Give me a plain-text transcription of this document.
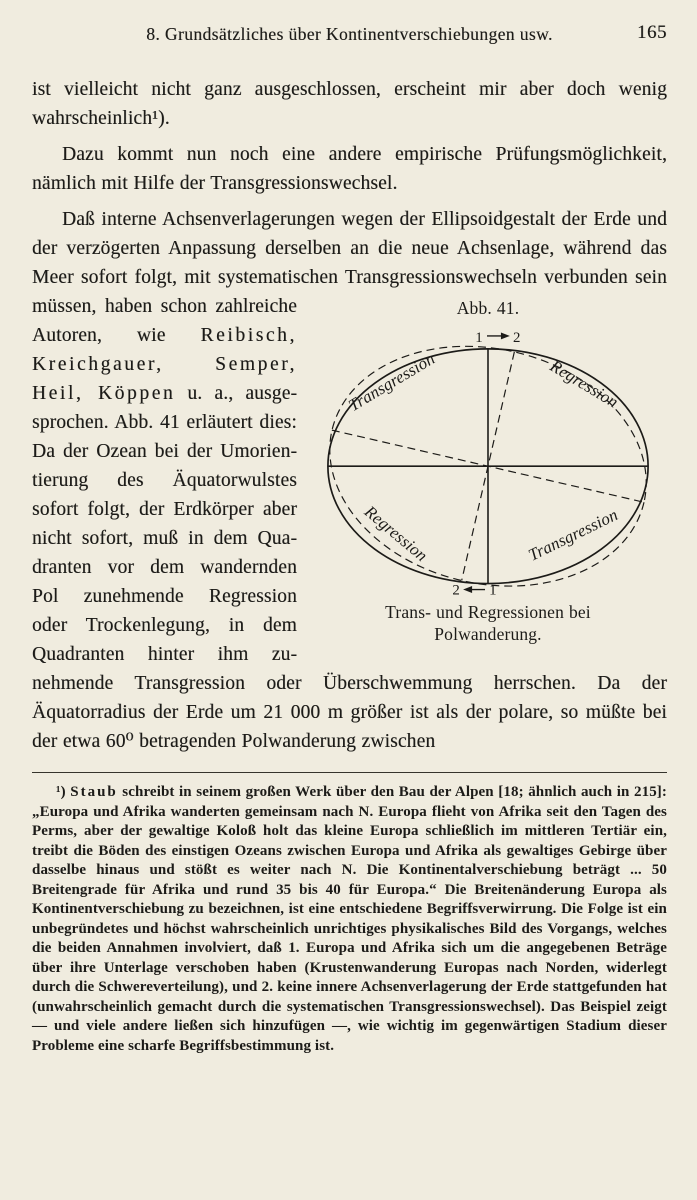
8. Grundsätzliches über Kontinentverschiebungen usw.	165

ist vielleicht nicht ganz ausgeschlossen, erscheint mir aber doch wenig wahrscheinlich¹).

Dazu kommt nun noch eine andere empirische Prüfungsmöglichkeit, nämlich mit Hilfe der Transgressionswechsel.

Daß interne Achsenverlagerungen wegen der Ellipsoidgestalt der Erde und der verzögerten Anpassung derselben an die neue Achsenlage, während das Meer sofort folgt, mit systematischen Transgressionswechseln verbunden sein müssen, haben schon	Abb. 41.
1 2
2 1
Transgression	Regression
Regression	Transgression
Trans- und Regressionen bei
Polwanderung.
zahlreiche Autoren, wie Reibisch, Kreichgauer, Semper, Heil, Köppen u. a., ausgesprochen. Abb. 41 erläutert dies: Da der Ozean bei der Umorientierung des Äquatorwulstes sofort folgt, der Erdkörper aber nicht sofort, muß in dem Quadranten vor dem wandernden Pol zunehmende Regression oder Trockenlegung, in dem Quadranten hinter ihm zunehmende Transgression oder Überschwemmung herrschen. Da der Äquatorradius der Erde um 21 000 m größer ist als der polare, so müßte bei der etwa 60⁰ betragenden Polwanderung zwischen

¹) Staub schreibt in seinem großen Werk über den Bau der Alpen [18; ähnlich auch in 215]: „Europa und Afrika wanderten gemeinsam nach N. Europa flieht von Afrika seit den Tagen des Perms, aber der gewaltige Koloß holt das kleine Europa schließlich im mittleren Tertiär ein, treibt die Böden des einstigen Ozeans zwischen Europa und Afrika als gewaltiges Gebirge über dasselbe hinaus und stößt es weiter nach N. Die Kontinentalverschiebung beträgt ... 50 Breitengrade für Afrika und rund 35 bis 40 für Europa.“ Die Breitenänderung Europa als Kontinentverschiebung zu bezeichnen, ist eine entschiedene Begriffsverwirrung. Die Folge ist ein unbegründetes und höchst wahrscheinlich unrichtiges physikalisches Bild des Vorgangs, welches die beiden Annahmen involviert, daß 1. Europa und Afrika sich um die angegebenen Beträge über ihre Unterlage verschoben haben (Krustenwanderung Europas nach Norden, widerlegt durch die Schwereverteilung), und 2. keine innere Achsenverlagerung der Erde stattgefunden hat (unwahrscheinlich gemacht durch die systematischen Transgressionswechsel). Das Beispiel zeigt — und viele andere ließen sich hinzufügen —, wie wichtig im gegenwärtigen Stadium dieser Probleme eine scharfe Begriffsbestimmung ist.
